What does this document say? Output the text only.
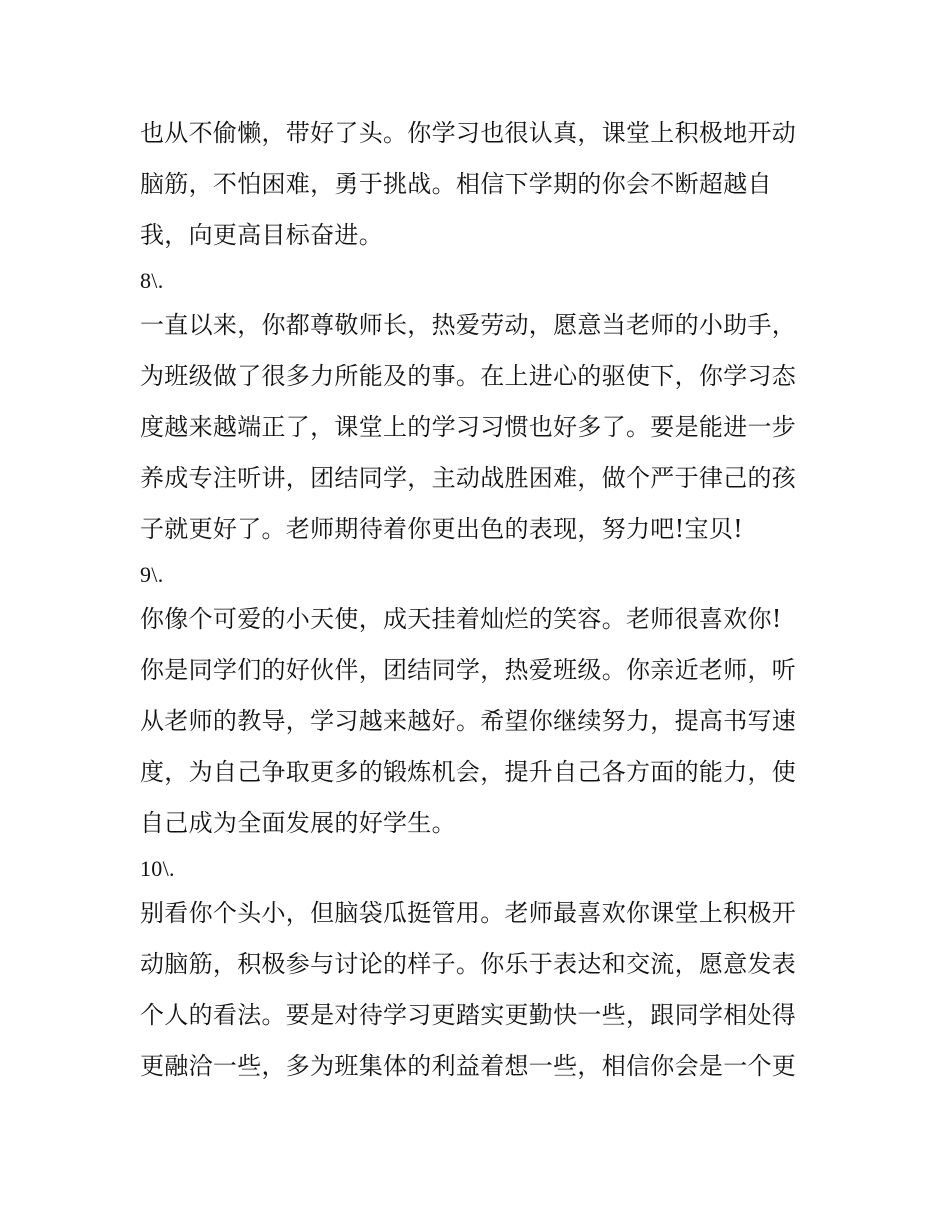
也从不偷懒，带好了头。你学习也很认真，课堂上积极地开动

脑筋，不怕困难，勇于挑战。相信下学期的你会不断超越自

我，向更高目标奋进。

8\.

一直以来，你都尊敬师长，热爱劳动，愿意当老师的小助手，

为班级做了很多力所能及的事。在上进心的驱使下，你学习态

度越来越端正了，课堂上的学习习惯也好多了。要是能进一步

养成专注听讲，团结同学，主动战胜困难，做个严于律己的孩

子就更好了。老师期待着你更出色的表现，努力吧!宝贝!

9\.

你像个可爱的小天使，成天挂着灿烂的笑容。老师很喜欢你!

你是同学们的好伙伴，团结同学，热爱班级。你亲近老师，听

从老师的教导，学习越来越好。希望你继续努力，提高书写速

度，为自己争取更多的锻炼机会，提升自己各方面的能力，使

自己成为全面发展的好学生。

10\.

别看你个头小，但脑袋瓜挺管用。老师最喜欢你课堂上积极开

动脑筋，积极参与讨论的样子。你乐于表达和交流，愿意发表

个人的看法。要是对待学习更踏实更勤快一些，跟同学相处得

更融洽一些，多为班集体的利益着想一些，相信你会是一个更
